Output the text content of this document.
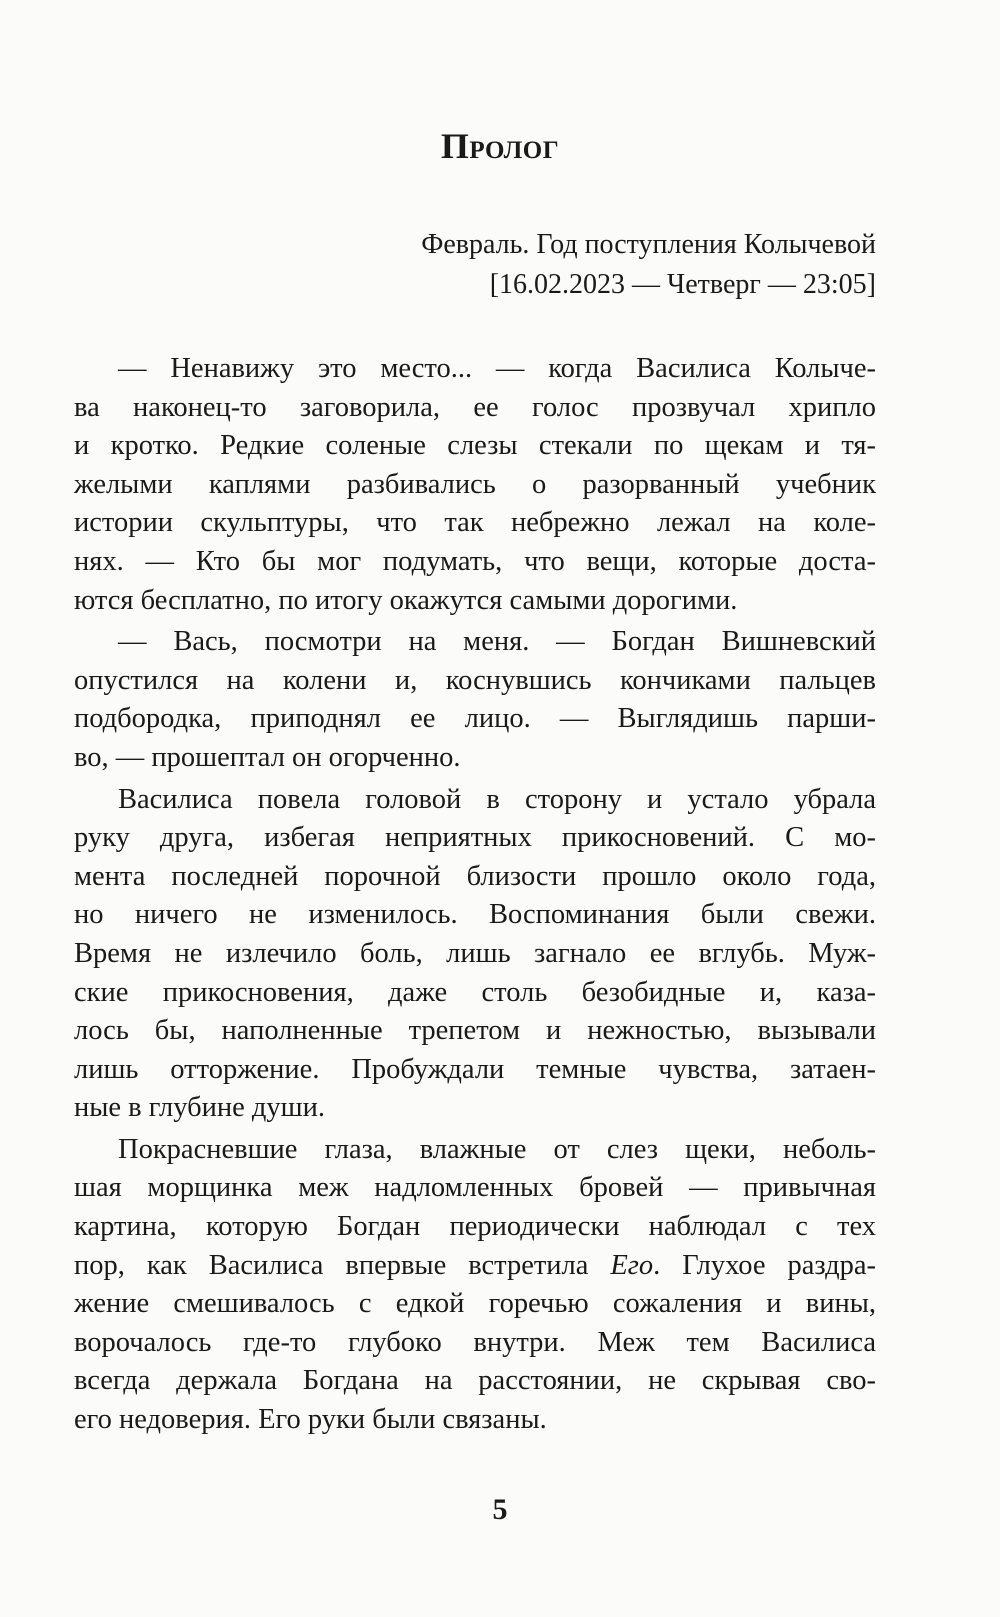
Пролог
Февраль. Год поступления Колычевой
[16.02.2023 — Четверг — 23:05]
— Ненавижу это место... — когда Василиса Колыче-
ва наконец-то заговорила, ее голос прозвучал хрипло
и кротко. Редкие соленые слезы стекали по щекам и тя-
желыми каплями разбивались о разорванный учебник
истории скульптуры, что так небрежно лежал на коле-
нях. — Кто бы мог подумать, что вещи, которые доста-
ются бесплатно, по итогу окажутся самыми дорогими.
— Вась, посмотри на меня. — Богдан Вишневский
опустился на колени и, коснувшись кончиками пальцев
подбородка, приподнял ее лицо. — Выглядишь парши-
во, — прошептал он огорченно.
Василиса повела головой в сторону и устало убрала
руку друга, избегая неприятных прикосновений. С мо-
мента последней порочной близости прошло около года,
но ничего не изменилось. Воспоминания были свежи.
Время не излечило боль, лишь загнало ее вглубь. Муж-
ские прикосновения, даже столь безобидные и, каза-
лось бы, наполненные трепетом и нежностью, вызывали
лишь отторжение. Пробуждали темные чувства, затаен-
ные в глубине души.
Покрасневшие глаза, влажные от слез щеки, неболь-
шая морщинка меж надломленных бровей — привычная
картина, которую Богдан периодически наблюдал с тех
пор, как Василиса впервые встретила Его. Глухое раздра-
жение смешивалось с едкой горечью сожаления и вины,
ворочалось где-то глубоко внутри. Меж тем Василиса
всегда держала Богдана на расстоянии, не скрывая сво-
его недоверия. Его руки были связаны.
5
